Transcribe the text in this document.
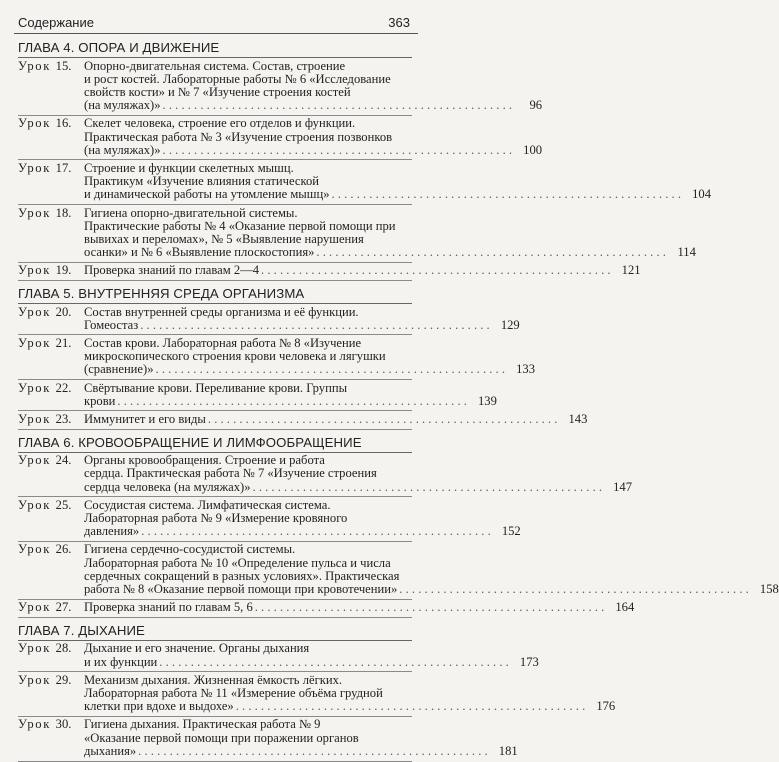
Содержание	363
ГЛАВА 4. ОПОРА И ДВИЖЕНИЕ
Урок 15. Опорно-двигательная система. Состав, строение
и рост костей. Лабораторные работы № 6 «Исследование
свойств кости» и № 7 «Изучение строения костей
(на муляжах)» . . .	96
Урок 16. Скелет человека, строение его отделов и функции.
Практическая работа № 3 «Изучение строения позвонков
(на муляжах)» . . .	100
Урок 17. Строение и функции скелетных мышц.
Практикум «Изучение влияния статической
и динамической работы на утомление мышц» . . .	104
Урок 18. Гигиена опорно-двигательной системы.
Практические работы № 4 «Оказание первой помощи при
вывихах и переломах», № 5 «Выявление нарушения
осанки» и № 6 «Выявление плоскостопия» . . .	114
Урок 19. Проверка знаний по главам 2—4 . . .	121
ГЛАВА 5. ВНУТРЕННЯЯ СРЕДА ОРГАНИЗМА
Урок 20. Состав внутренней среды организма и её функции.
Гомеостаз . . .	129
Урок 21. Состав крови. Лабораторная работа № 8 «Изучение
микроскопического строения крови человека и лягушки
(сравнение)» . . .	133
Урок 22. Свёртывание крови. Переливание крови. Группы
крови . . .	139
Урок 23. Иммунитет и его виды . . .	143
ГЛАВА 6. КРОВООБРАЩЕНИЕ И ЛИМФООБРАЩЕНИЕ
Урок 24. Органы кровообращения. Строение и работа
сердца. Практическая работа № 7 «Изучение строения
сердца человека (на муляжах)» . . .	147
Урок 25. Сосудистая система. Лимфатическая система.
Лабораторная работа № 9 «Измерение кровяного
давления» . . .	152
Урок 26. Гигиена сердечно-сосудистой системы.
Лабораторная работа № 10 «Определение пульса и числа
сердечных сокращений в разных условиях». Практическая
работа № 8 «Оказание первой помощи при кровотечении» . . .	158
Урок 27. Проверка знаний по главам 5, 6 . . .	164
ГЛАВА 7. ДЫХАНИЕ
Урок 28. Дыхание и его значение. Органы дыхания
и их функции . . .	173
Урок 29. Механизм дыхания. Жизненная ёмкость лёгких.
Лабораторная работа № 11 «Измерение объёма грудной
клетки при вдохе и выдохе» . . .	176
Урок 30. Гигиена дыхания. Практическая работа № 9
«Оказание первой помощи при поражении органов
дыхания» . . .	181
